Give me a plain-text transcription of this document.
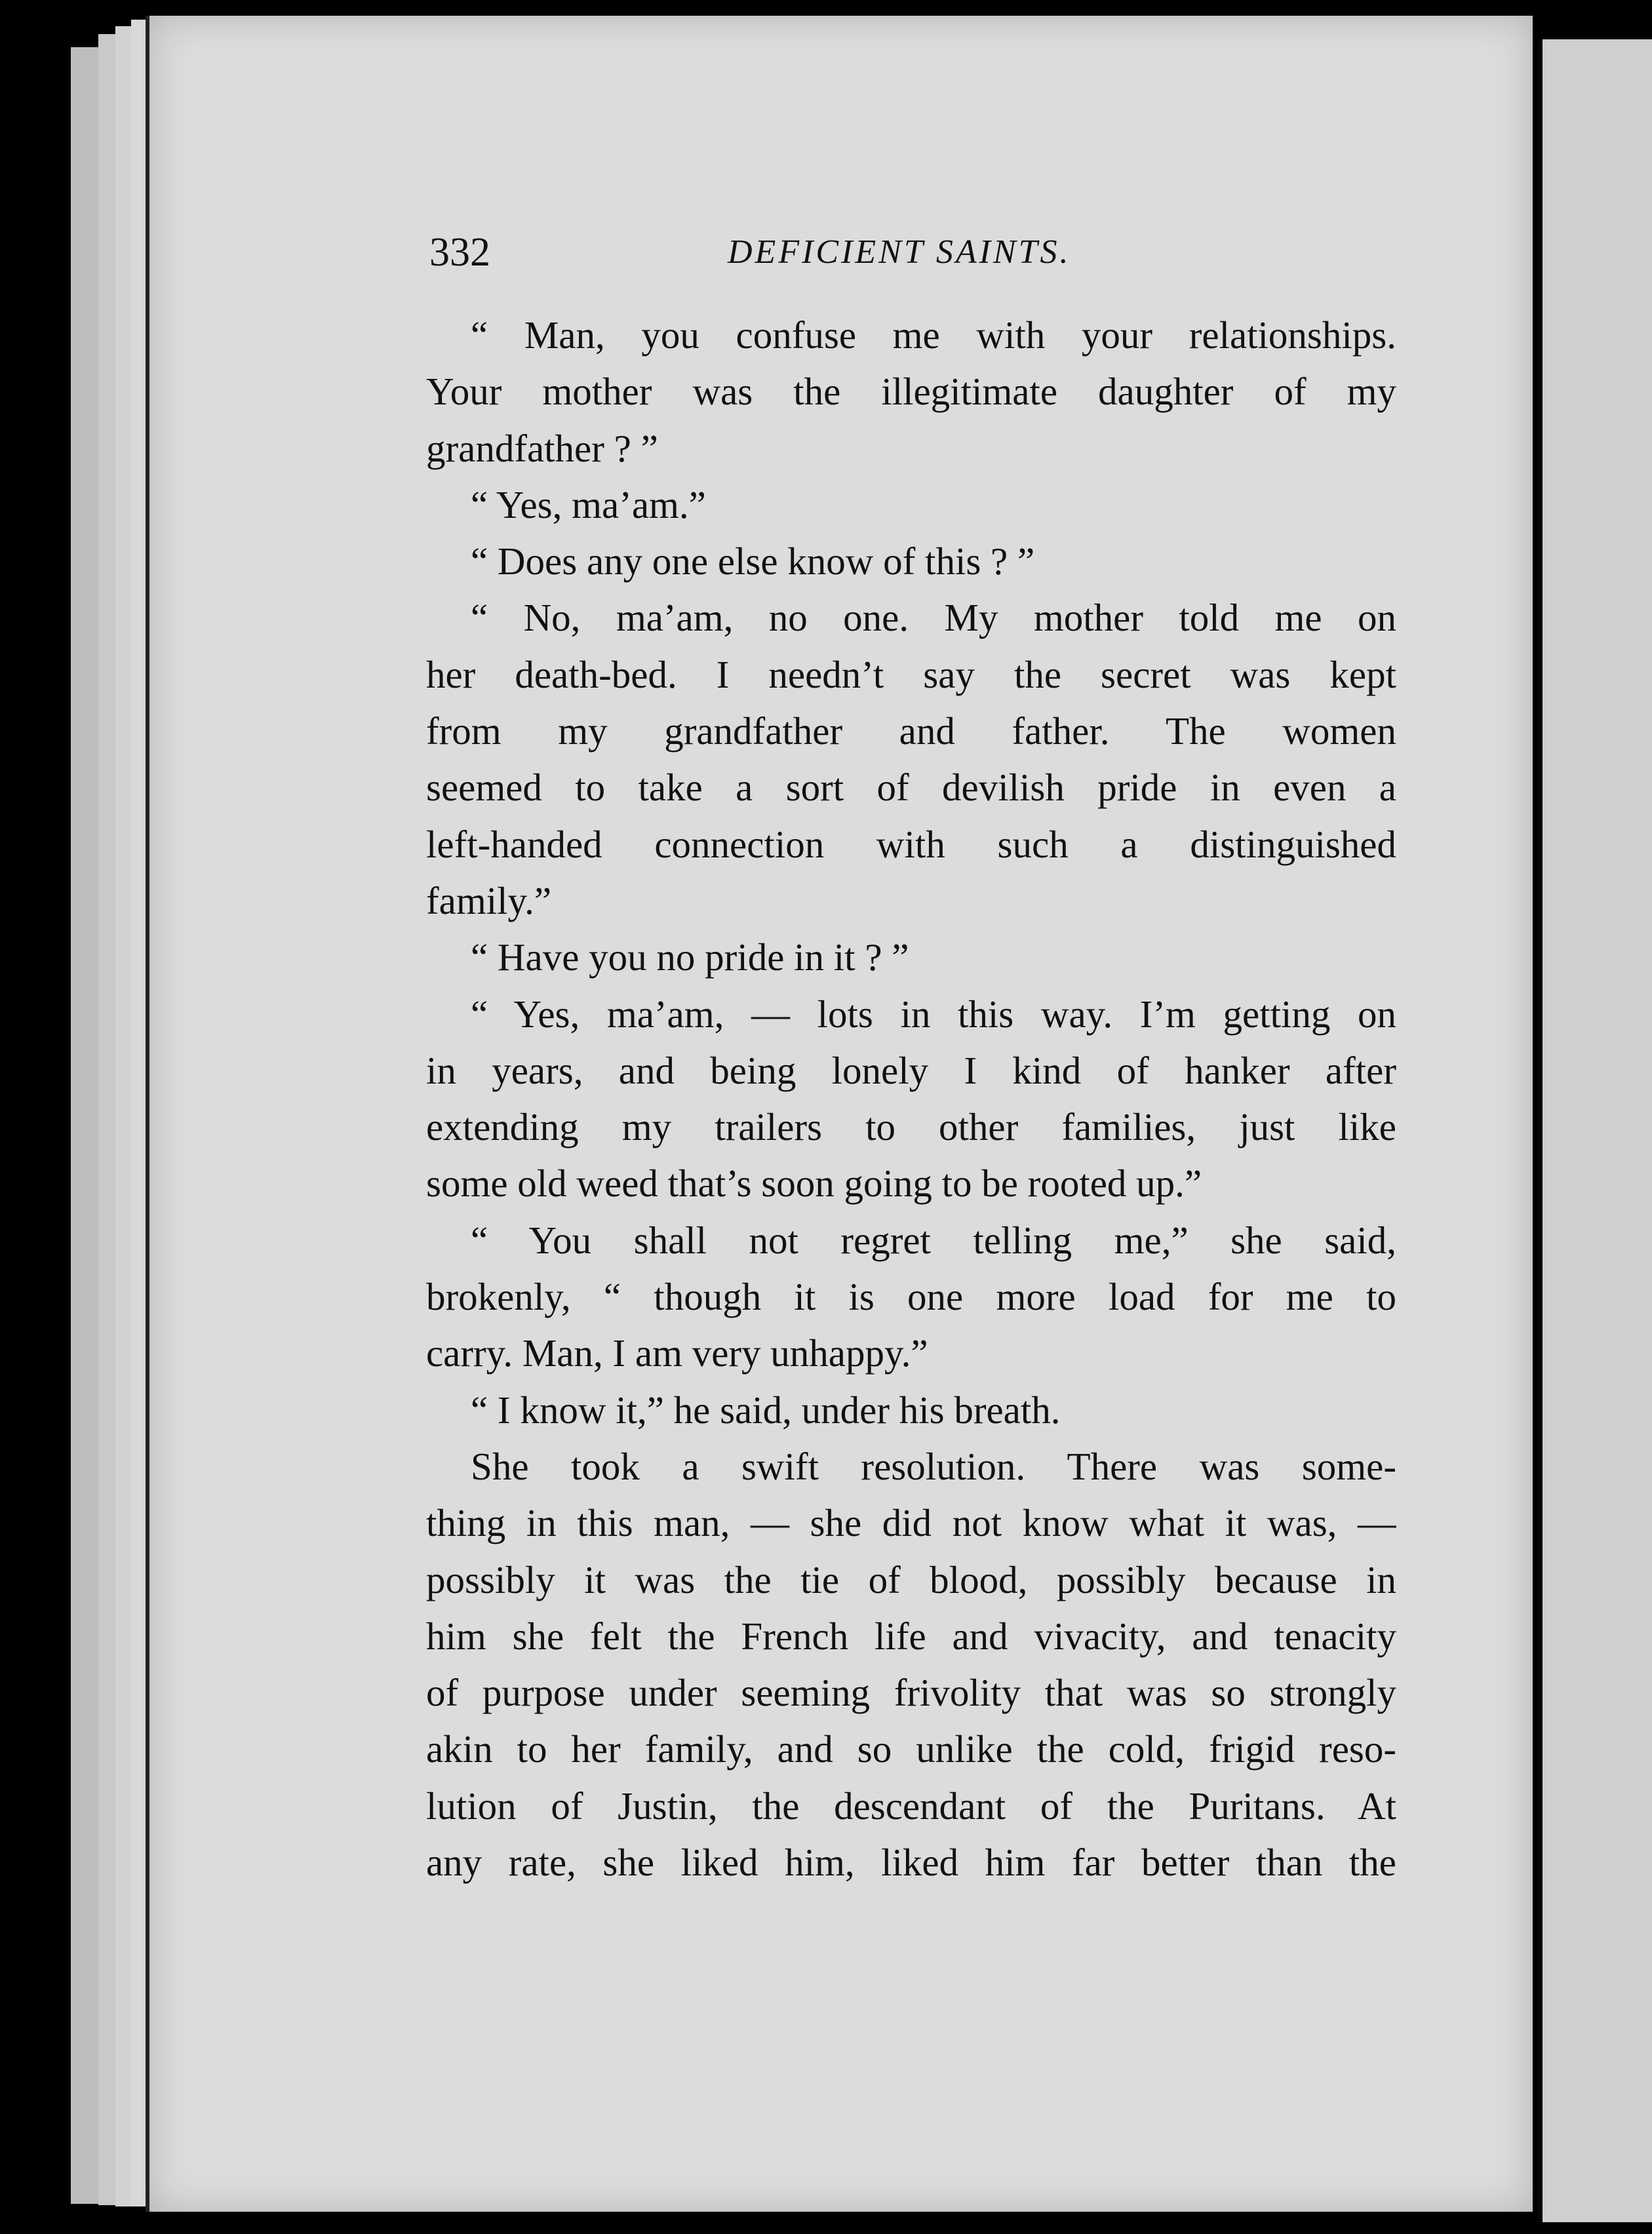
332	DEFICIENT SAINTS.
“ Man, you confuse me with your relationships.
Your mother was the illegitimate daughter of my
grandfather ? ”
“ Yes, ma’am.”
“ Does any one else know of this ? ”
“ No, ma’am, no one. My mother told me on
her death-bed. I needn’t say the secret was kept
from my grandfather and father. The women
seemed to take a sort of devilish pride in even a
left-handed connection with such a distinguished
family.”
“ Have you no pride in it ? ”
“ Yes, ma’am, — lots in this way. I’m getting on
in years, and being lonely I kind of hanker after
extending my trailers to other families, just like
some old weed that’s soon going to be rooted up.”
“ You shall not regret telling me,” she said,
brokenly, “ though it is one more load for me to
carry. Man, I am very unhappy.”
“ I know it,” he said, under his breath.
She took a swift resolution. There was some-
thing in this man, — she did not know what it was, —
possibly it was the tie of blood, possibly because in
him she felt the French life and vivacity, and tenacity
of purpose under seeming frivolity that was so strongly
akin to her family, and so unlike the cold, frigid reso-
lution of Justin, the descendant of the Puritans. At
any rate, she liked him, liked him far better than the
